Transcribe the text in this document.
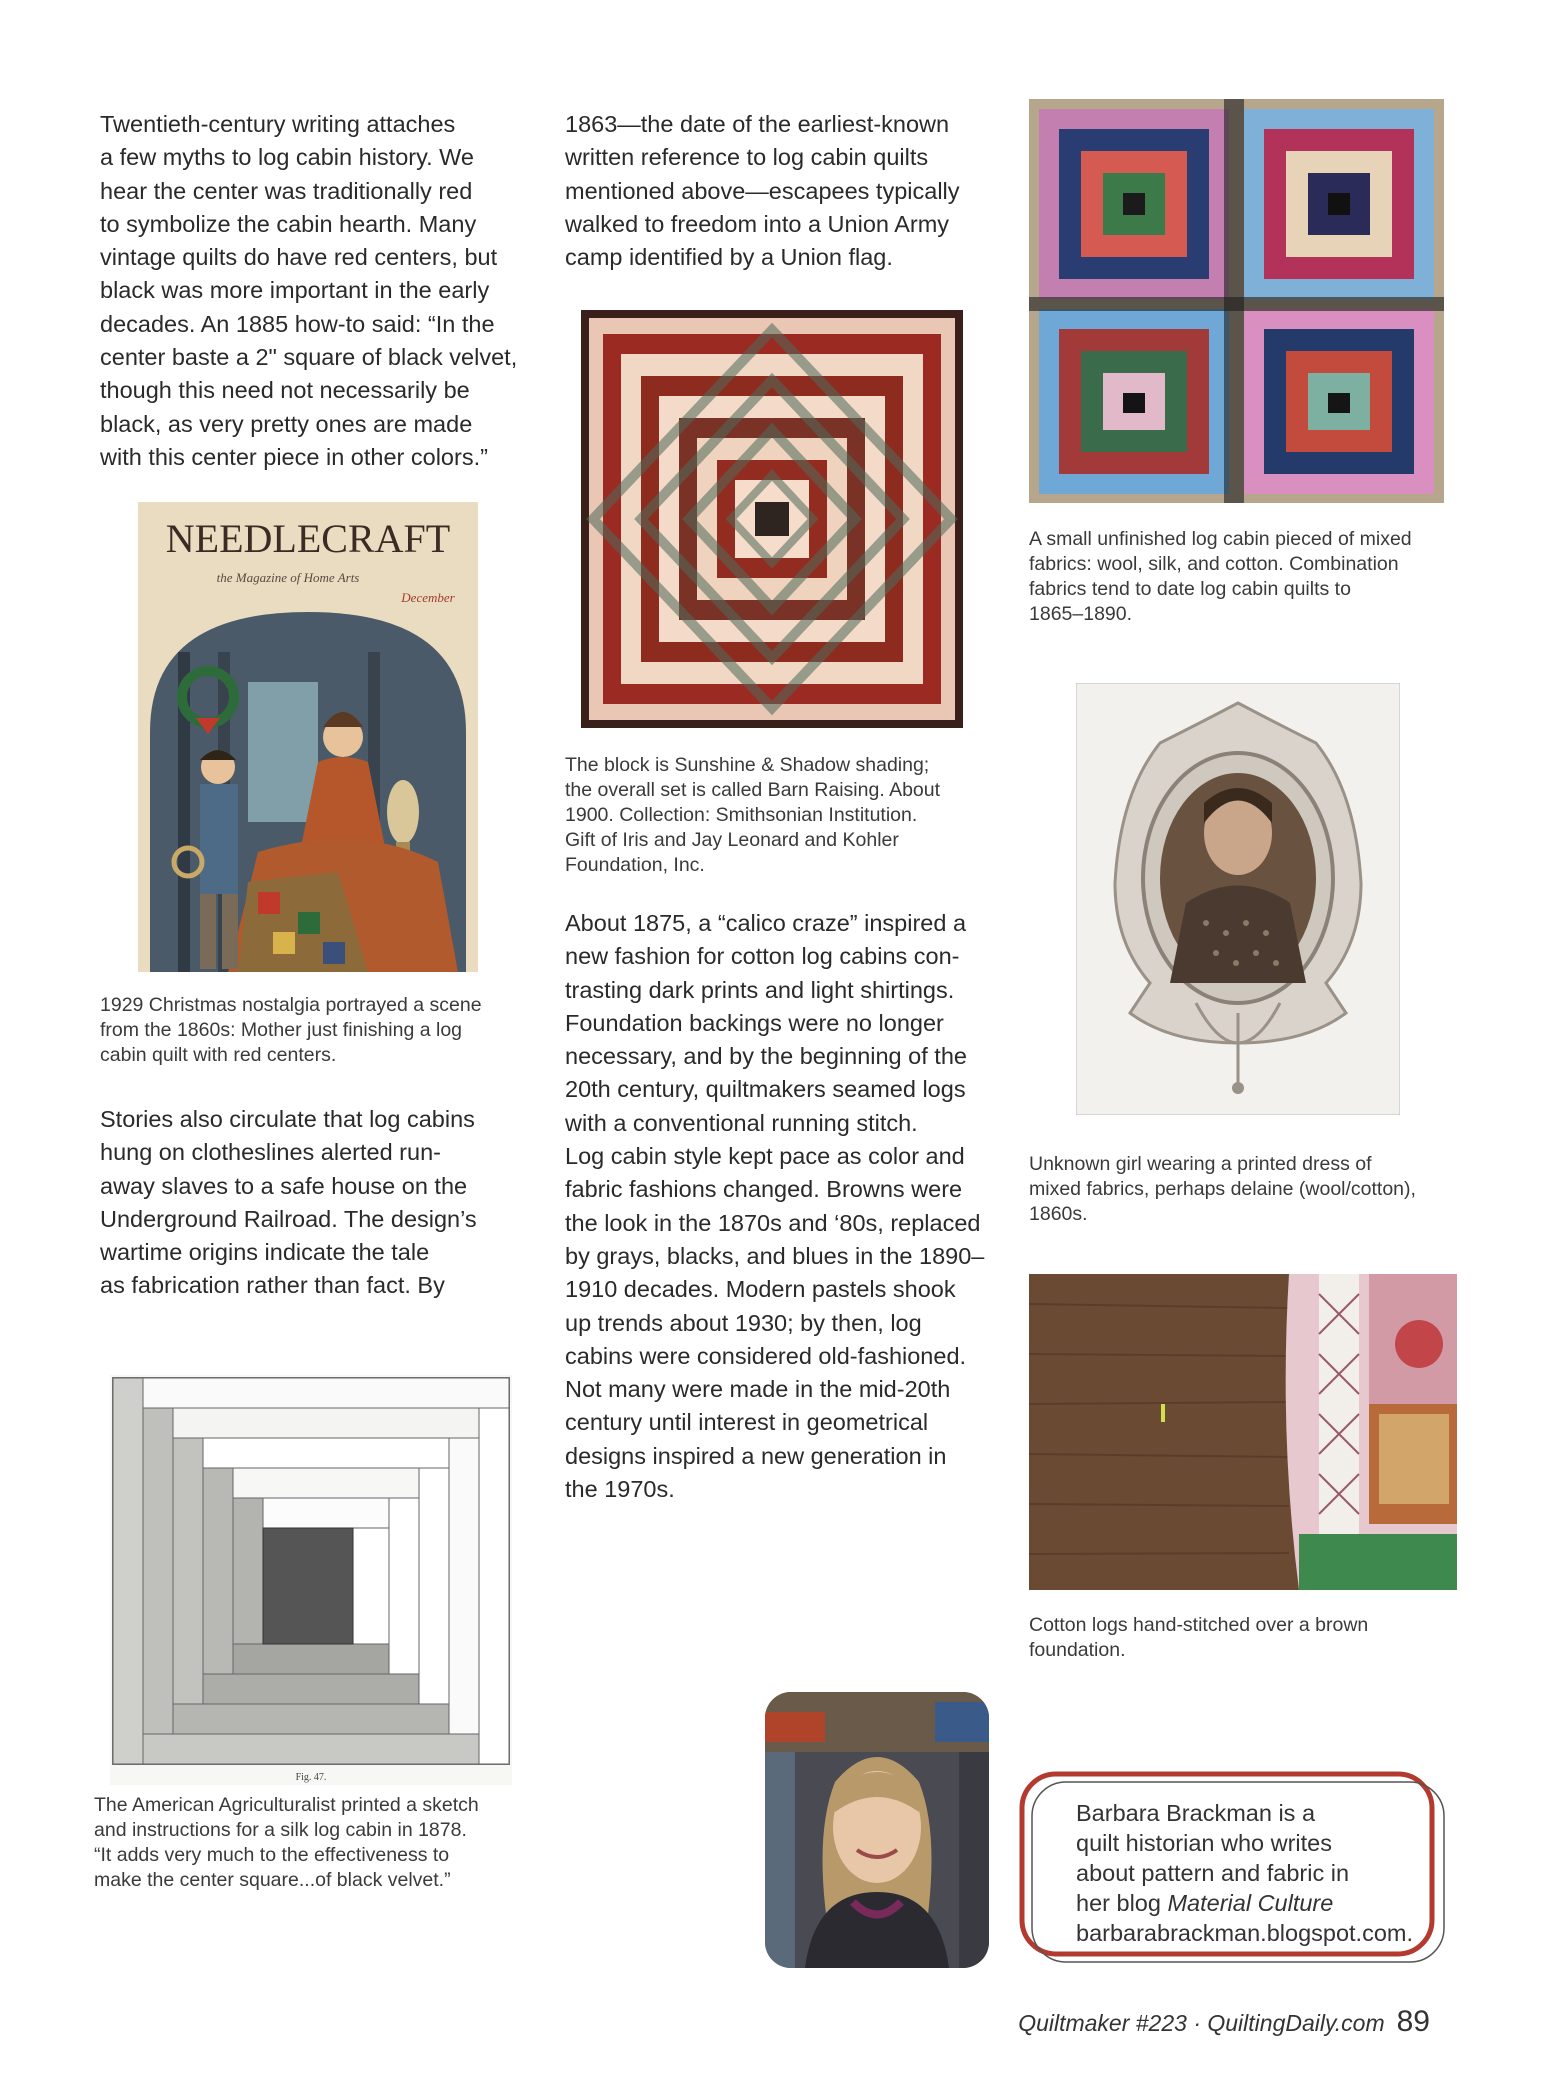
Twentieth-century writing attaches
a few myths to log cabin history. We
hear the center was traditionally red
to symbolize the cabin hearth. Many
vintage quilts do have red centers, but
black was more important in the early
decades. An 1885 how-to said: “In the
center baste a 2" square of black velvet,
though this need not necessarily be
black, as very pretty ones are made
with this center piece in other colors.”

NEEDLECRAFT
the Magazine of Home Arts
December

1929 Christmas nostalgia portrayed a scene
from the 1860s: Mother just finishing a log
cabin quilt with red centers.

Stories also circulate that log cabins
hung on clotheslines alerted run-
away slaves to a safe house on the
Underground Railroad. The design’s
wartime origins indicate the tale
as fabrication rather than fact. By

Fig. 47.

The American Agriculturalist printed a sketch
and instructions for a silk log cabin in 1878.
“It adds very much to the effectiveness to
make the center square...of black velvet.”

1863—the date of the earliest-known
written reference to log cabin quilts
mentioned above—escapees typically
walked to freedom into a Union Army
camp identified by a Union flag.

The block is Sunshine & Shadow shading;
the overall set is called Barn Raising. About
1900. Collection: Smithsonian Institution.
Gift of Iris and Jay Leonard and Kohler
Foundation, Inc.

About 1875, a “calico craze” inspired a
new fashion for cotton log cabins con-
trasting dark prints and light shirtings.
Foundation backings were no longer
necessary, and by the beginning of the
20th century, quiltmakers seamed logs
with a conventional running stitch.
Log cabin style kept pace as color and
fabric fashions changed. Browns were
the look in the 1870s and ‘80s, replaced
by grays, blacks, and blues in the 1890–
1910 decades. Modern pastels shook
up trends about 1930; by then, log
cabins were considered old-fashioned.
Not many were made in the mid-20th
century until interest in geometrical
designs inspired a new generation in
the 1970s.

A small unfinished log cabin pieced of mixed
fabrics: wool, silk, and cotton. Combination
fabrics tend to date log cabin quilts to
1865–1890.

Unknown girl wearing a printed dress of
mixed fabrics, perhaps delaine (wool/cotton),
1860s.

Cotton logs hand-stitched over a brown
foundation.

Barbara Brackman is a
quilt historian who writes
about pattern and fabric in
her blog Material Culture
barbarabrackman.blogspot.com.
Quiltmaker #223 · QuiltingDaily.com 89
